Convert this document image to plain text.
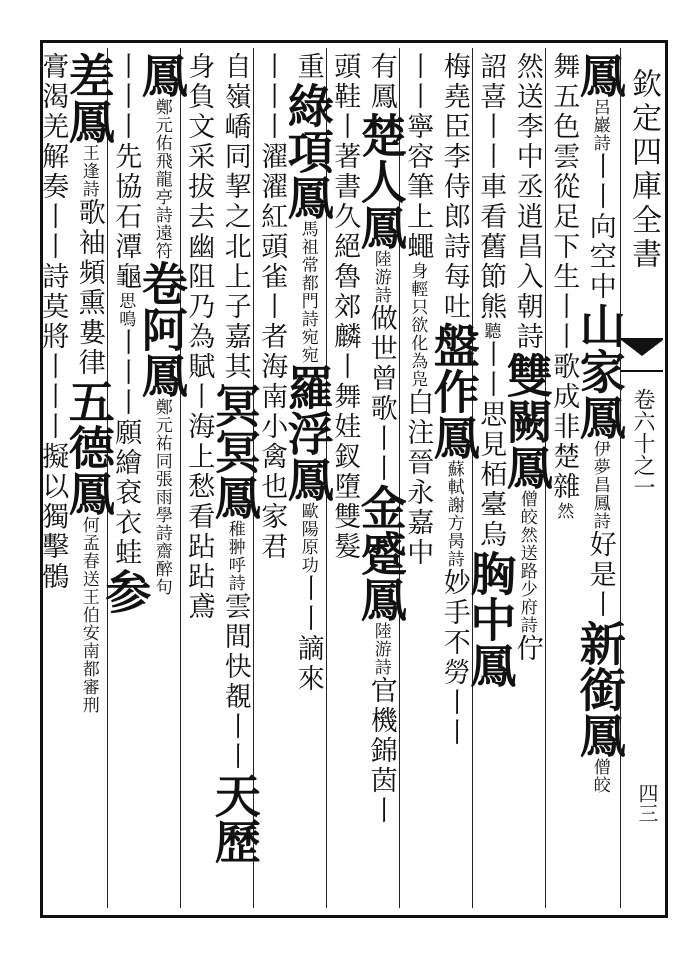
鳳
呂巖詩
丨丨向空中
山家鳳
伊夢昌鳳詩
好是丨
新銜鳳
僧皎
舞五色雲從足下生
丨丨歌成非楚雜
然
然送李中丞逍昌入朝詩
雙闕鳳
僧皎然送路少府詩
佇
詔喜丨丨車看舊節熊
聽
丨丨思見栢臺烏
胸中鳳
梅堯臣李侍郎詩每吐
盤作鳳
蘇軾謝方昺詩
妙手不勞丨丨
丨丨寧容筆上蠅
身輕只欲化為凫
白注晉永嘉中
有鳳
楚人鳳
陸游詩
做世曾歌丨丨
金蹙鳳
陸游詩
官機錦茵丨
頭鞋丨著書久絕魯郊麟
丨舞娃釵墮雙髮
重
綠項鳳
馬祖常都門詩宛宛
羅浮鳳
歐陽原功
丨丨謫來
丨丨丨濯濯紅頭雀
丨者海南小禽也家君
自嶺嶠同挈之北上子嘉其
冥冥鳳
稚翀呼詩
雲間快覩丨丨
天歷
身負文采拔去幽阻乃為賦
丨海上愁看跕跕鳶
鳳
鄭元佑飛龍亭詩遠符
卷阿鳳
鄭元祐同張雨學詩齋醉句
丨丨丨先協石潭龜
思鳴
丨丨丨願繪袞衣蛙
参
差鳳
王逢詩
歌袖頻熏婁律
五德鳳
何孟春送王伯安南都審刑
膏渴羌解奏丨丨
詩莫將丨丨丨擬以獨擊鶻
欽定四庫全書
卷六十之一
四三
